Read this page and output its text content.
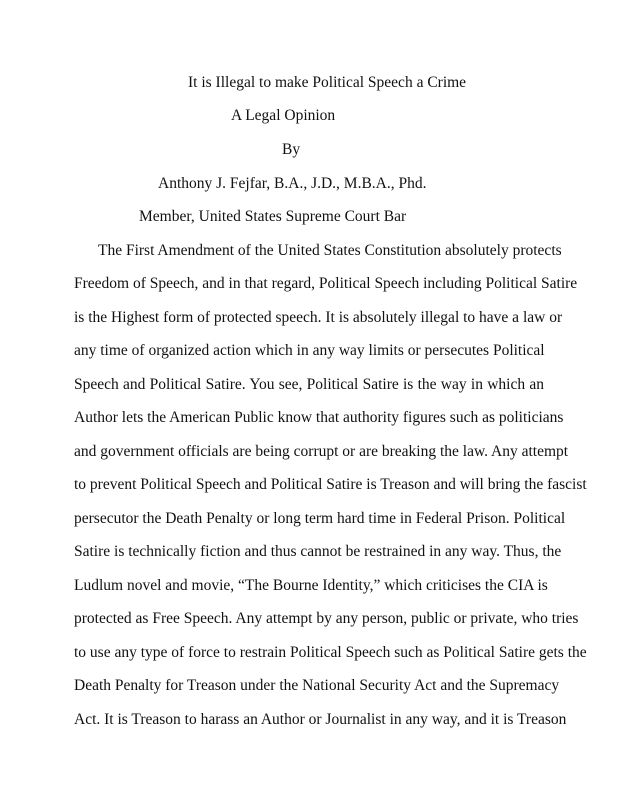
It is Illegal to make Political Speech a Crime
A Legal Opinion
By
Anthony J. Fejfar, B.A., J.D., M.B.A., Phd.
Member, United States Supreme Court Bar
The First Amendment of the United States Constitution absolutely protects
Freedom of Speech, and in that regard, Political Speech including Political Satire
is the Highest form of protected speech. It is absolutely illegal to have a law or
any time of organized action which in any way limits or persecutes Political
Speech and Political Satire. You see, Political Satire is the way in which an
Author lets the American Public know that authority figures such as politicians
and government officials are being corrupt or are breaking the law. Any attempt
to prevent Political Speech and Political Satire is Treason and will bring the fascist
persecutor the Death Penalty or long term hard time in Federal Prison. Political
Satire is technically fiction and thus cannot be restrained in any way. Thus, the
Ludlum novel and movie, “The Bourne Identity,” which criticises the CIA is
protected as Free Speech. Any attempt by any person, public or private, who tries
to use any type of force to restrain Political Speech such as Political Satire gets the
Death Penalty for Treason under the National Security Act and the Supremacy
Act. It is Treason to harass an Author or Journalist in any way, and it is Treason
